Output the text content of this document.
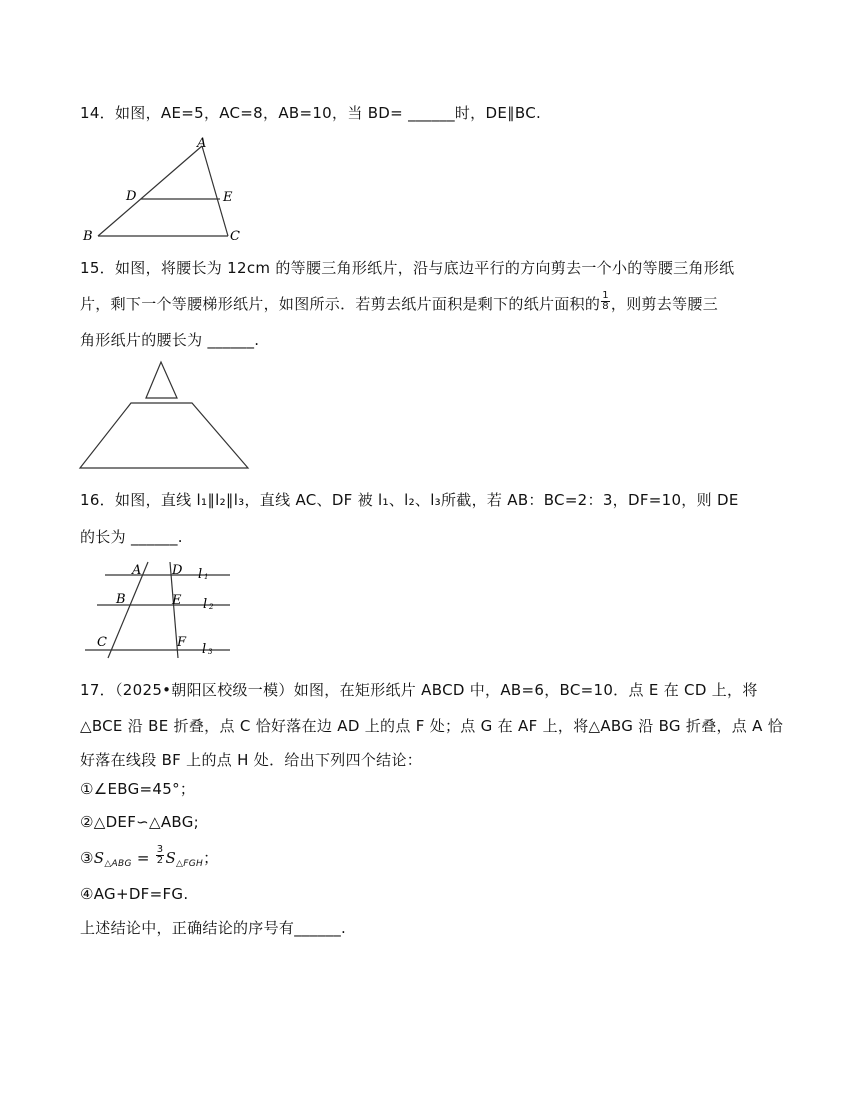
14．如图，AE=5，AC=8，AB=10，当 BD= ______时，DE∥BC.
A
B	C
D	E
15．如图，将腰长为 12cm 的等腰三角形纸片，沿与底边平行的方向剪去一个小的等腰三角形纸
片，剩下一个等腰梯形纸片，如图所示．若剪去纸片面积是剩下的纸片面积的 $\frac{1}{8}$ ，则剪去等腰三
角形纸片的腰长为 ______.
16．如图，直线 l₁∥l₂∥l₃，直线 AC、DF 被 l₁、l₂、l₃所截，若 AB：BC=2：3，DF=10，则 DE
的长为 ______.
A D
B	E
C	F
l 1
l 2
l 3
17．（2025•朝阳区校级一模）如图，在矩形纸片 ABCD 中，AB=6，BC=10．点 E 在 CD 上，将
△BCE 沿 BE 折叠，点 C 恰好落在边 AD 上的点 F 处；点 G 在 AF 上，将△ABG 沿 BG 折叠，点 A 恰
好落在线段 BF 上的点 H 处．给出下列四个结论：
①∠EBG=45°；
②△DEF∽△ABG;
$③S_{\triangle ABG} = \frac{3}{2} S_{\triangle FGH}$；
④AG+DF=FG.
上述结论中，正确结论的序号有______.
